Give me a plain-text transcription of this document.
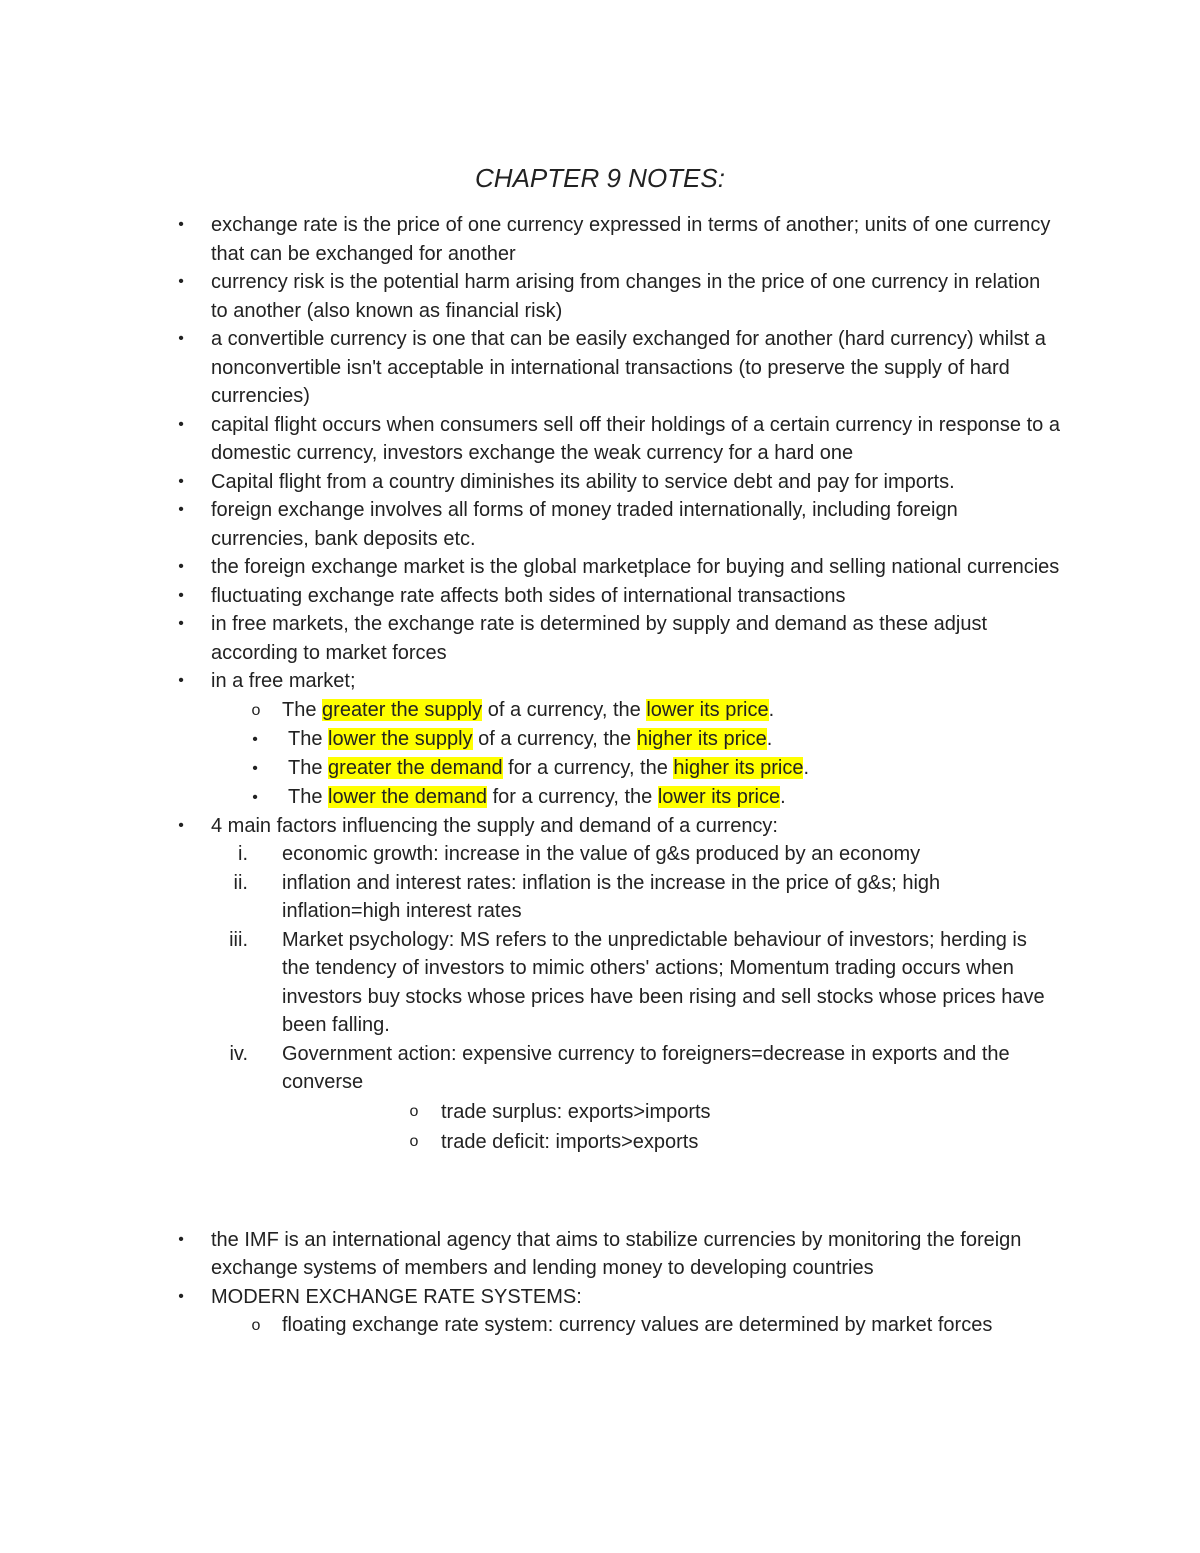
CHAPTER 9 NOTES:
• exchange rate is the price of one currency expressed in terms of another; units of one currency that can be exchanged for another
• currency risk is the potential harm arising from changes in the price of one currency in relation to another (also known as financial risk)
• a convertible currency is one that can be easily exchanged for another (hard currency) whilst a nonconvertible isn't acceptable in international transactions (to preserve the supply of hard currencies)
• capital flight occurs when consumers sell off their holdings of a certain currency in response to a domestic currency, investors exchange the weak currency for a hard one
• Capital flight from a country diminishes its ability to service debt and pay for imports.
• foreign exchange involves all forms of money traded internationally, including foreign currencies, bank deposits etc.
• the foreign exchange market is the global marketplace for buying and selling national currencies
• fluctuating exchange rate affects both sides of international transactions
• in free markets, the exchange rate is determined by supply and demand as these adjust according to market forces
• in a free market;
o The greater the supply of a currency, the lower its price.
•	The lower the supply of a currency, the higher its price.
•	The greater the demand for a currency, the higher its price.
•	The lower the demand for a currency, the lower its price.
• 4 main factors influencing the supply and demand of a currency:
i. economic growth: increase in the value of g&s produced by an economy
ii. inflation and interest rates: inflation is the increase in the price of g&s; high inflation=high interest rates
iii. Market psychology: MS refers to the unpredictable behaviour of investors; herding is the tendency of investors to mimic others' actions; Momentum trading occurs when investors buy stocks whose prices have been rising and sell stocks whose prices have been falling.
iv. Government action: expensive currency to foreigners=decrease in exports and the converse
o trade surplus: exports>imports
o trade deficit: imports>exports
• the IMF is an international agency that aims to stabilize currencies by monitoring the foreign exchange systems of members and lending money to developing countries
• MODERN EXCHANGE RATE SYSTEMS:
o floating exchange rate system: currency values are determined by market forces
